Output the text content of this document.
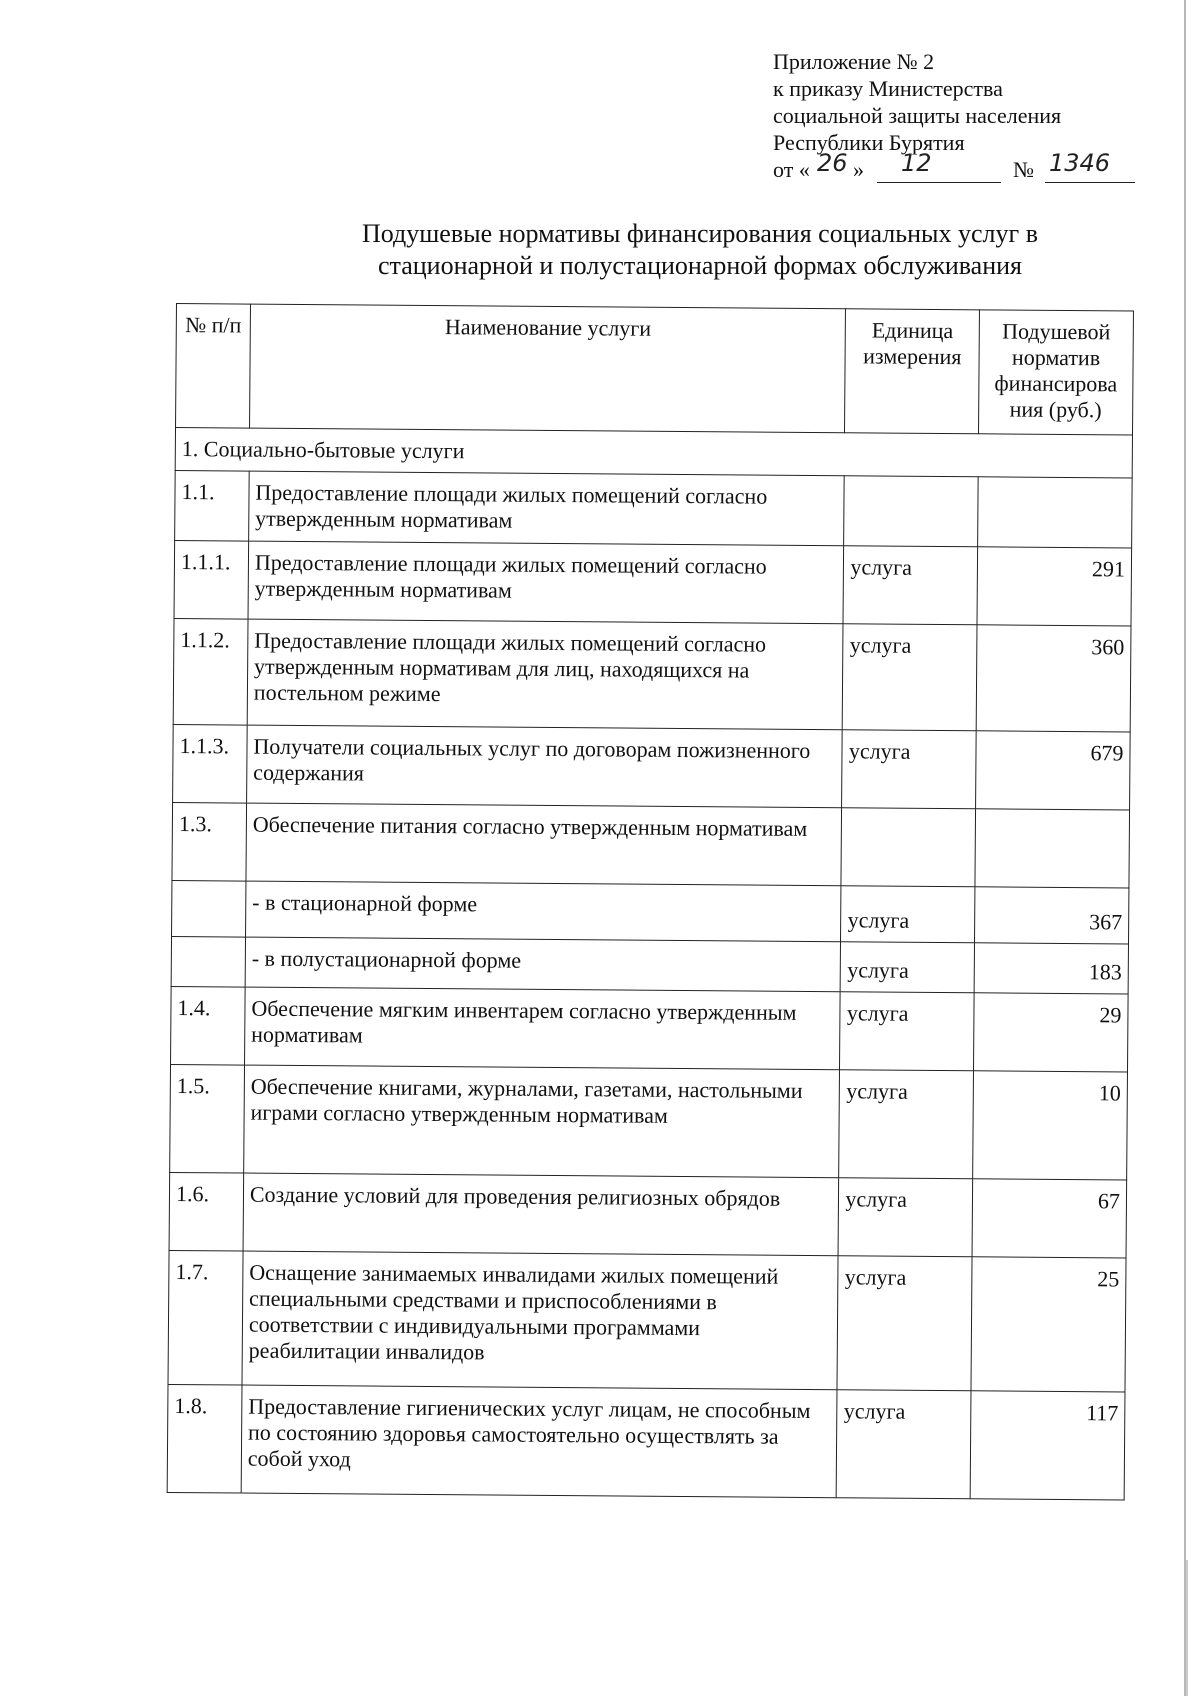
Приложение № 2
к приказу Министерства
социальной защиты населения
Республики Бурятия
от « 26 » 12	№ 1346
Подушевые нормативы финансирования социальных услуг в
стационарной и полустационарной формах обслуживания
№ п/п	Наименование услуги	Единица измерения	Подушевой норматив финансирова ния (руб.)
1. Социально-бытовые услуги			
1.1.	Предоставление площади жилых помещений согласно утвержденным нормативам		
1.1.1.	Предоставление площади жилых помещений согласно утвержденным нормативам	услуга	291
1.1.2.	Предоставление площади жилых помещений согласно утвержденным нормативам для лиц, находящихся на постельном режиме	услуга	360
1.1.3.	Получатели социальных услуг по договорам пожизненного содержания	услуга	679
1.3.	Обеспечение питания согласно утвержденным нормативам		
	- в стационарной форме	услуга	367
	- в полустационарной форме	услуга	183
1.4.	Обеспечение мягким инвентарем согласно утвержденным нормативам	услуга	29
1.5.	Обеспечение книгами, журналами, газетами, настольными играми согласно утвержденным нормативам	услуга	10
1.6.	Создание условий для проведения религиозных обрядов	услуга	67
1.7.	Оснащение занимаемых инвалидами жилых помещений специальными средствами и приспособлениями в соответствии с индивидуальными программами реабилитации инвалидов	услуга	25
1.8.	Предоставление гигиенических услуг лицам, не способным по состоянию здоровья самостоятельно осуществлять за собой уход	услуга	117
